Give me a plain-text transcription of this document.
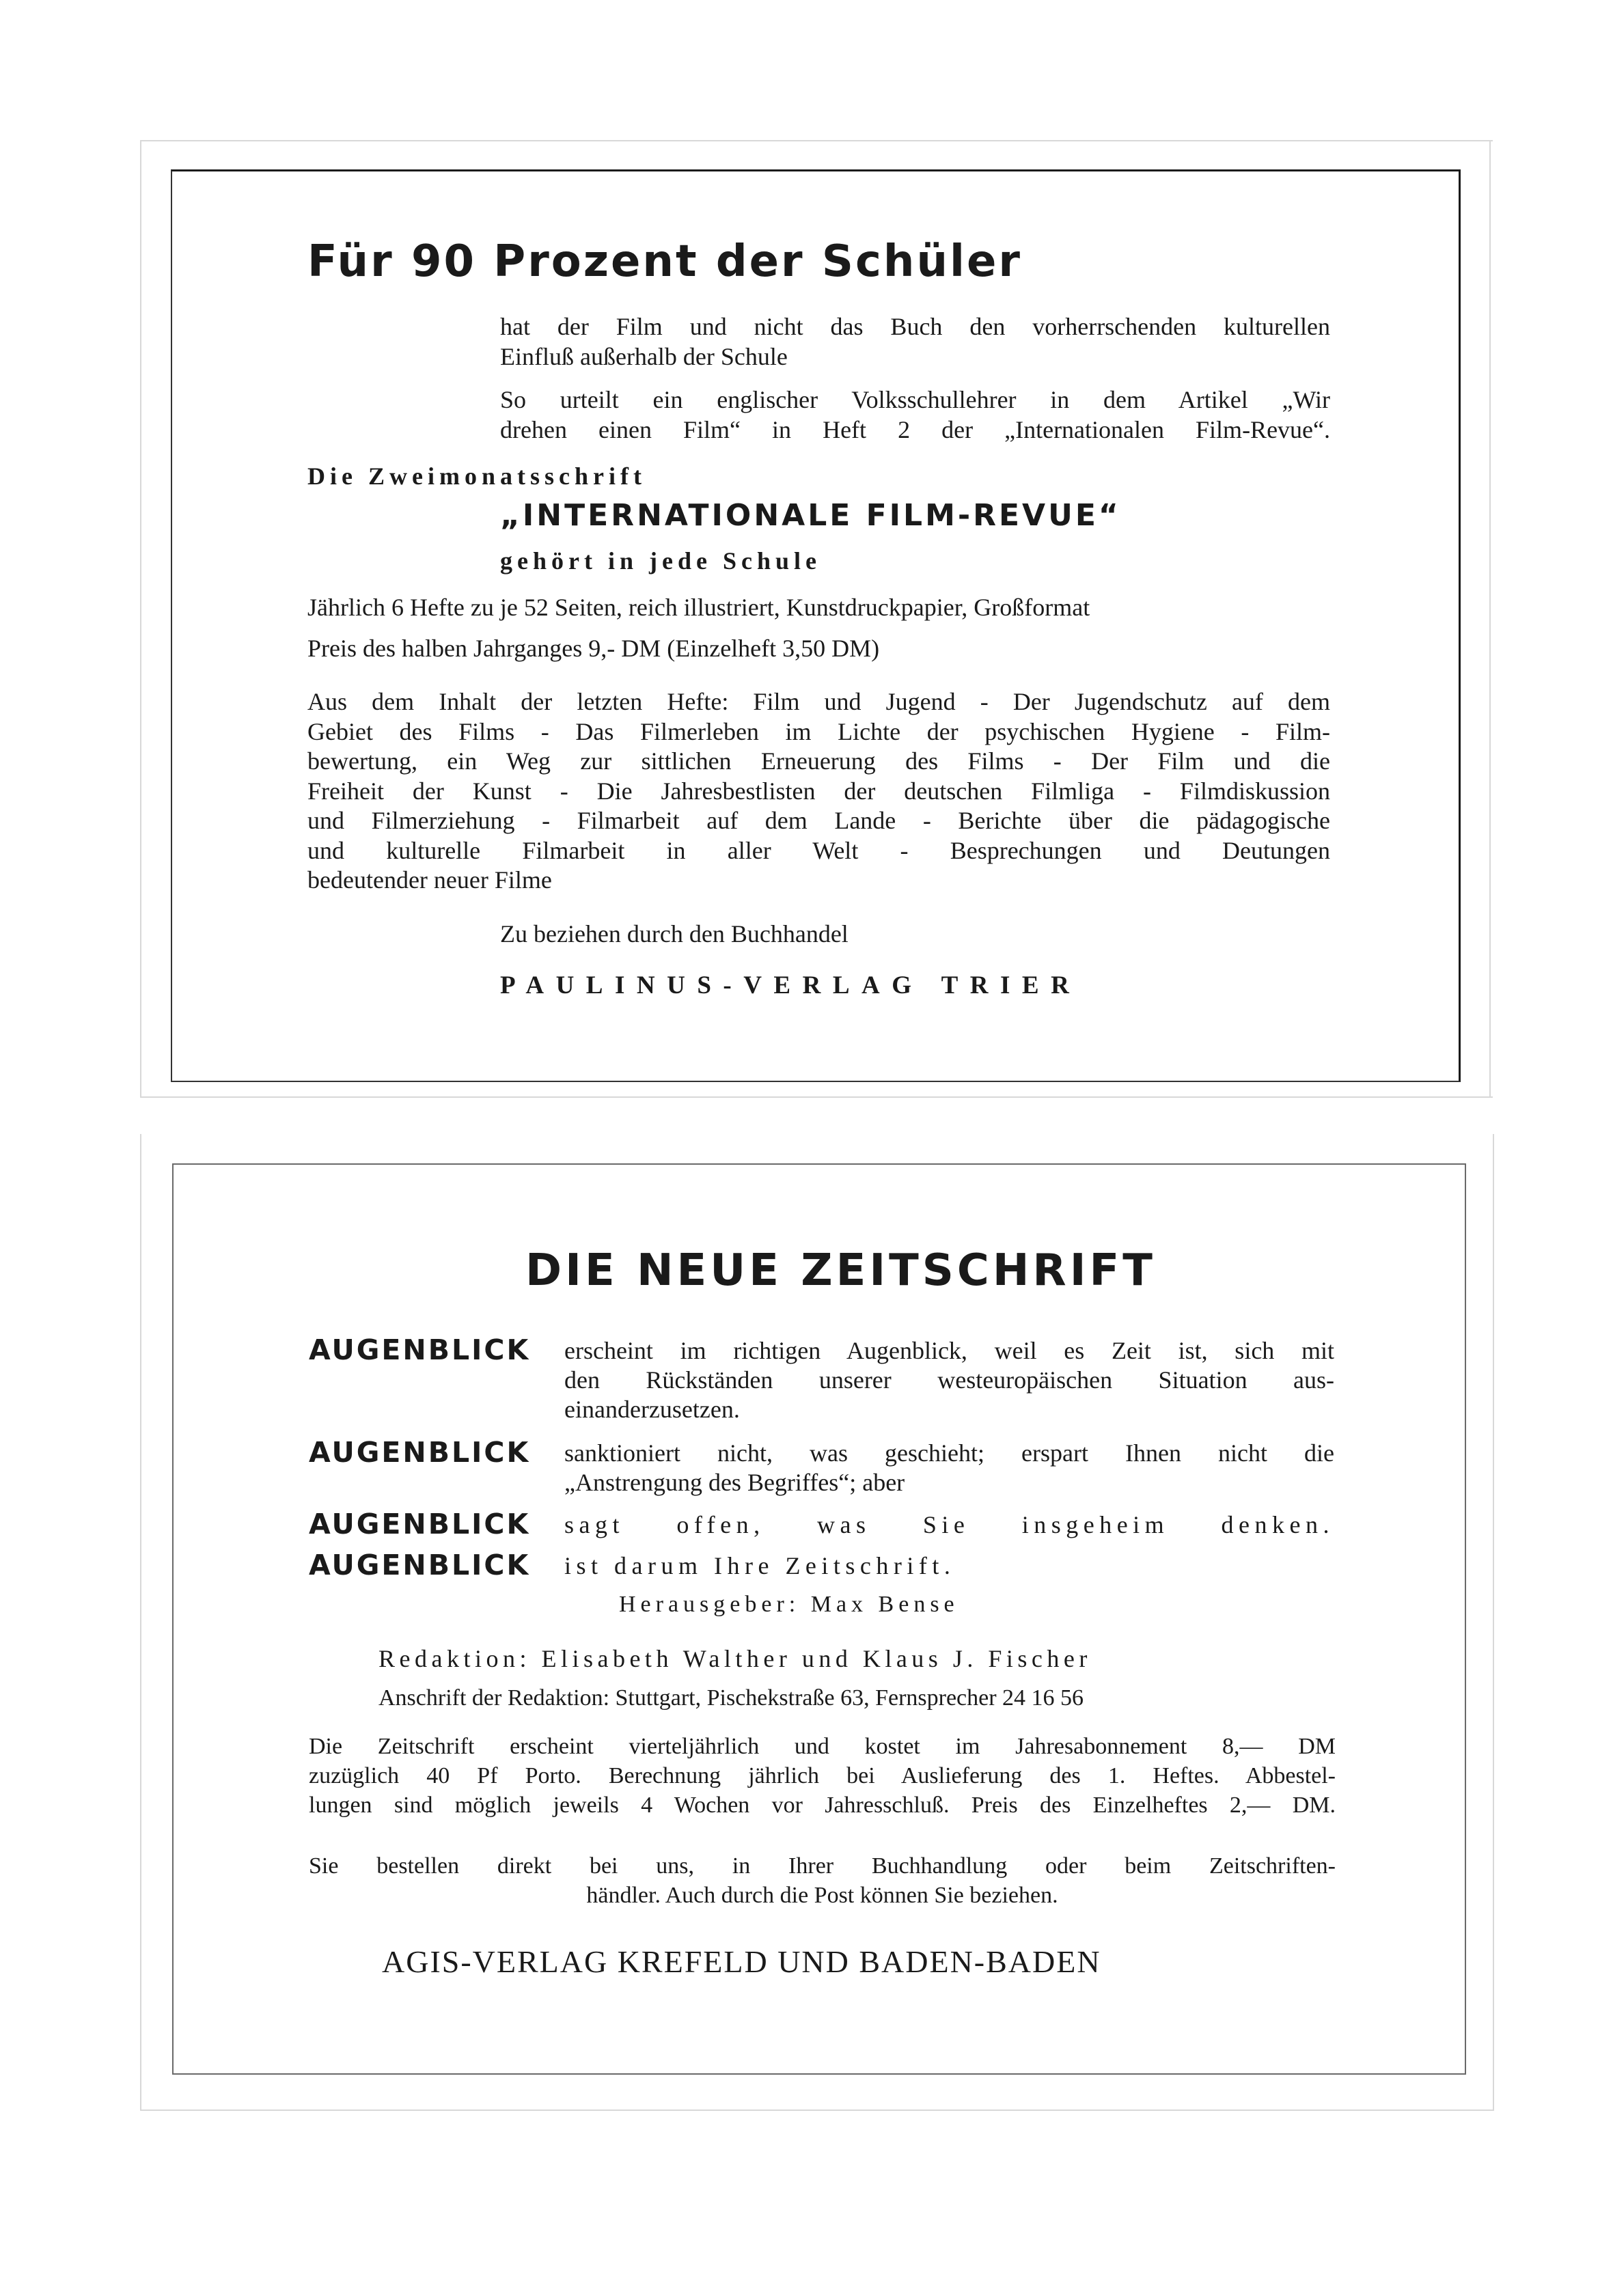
Für 90 Prozent der Schüler
hat der Film und nicht das Buch den vorherrschenden kulturellen
Einfluß außerhalb der Schule
So urteilt ein englischer Volksschullehrer in dem Artikel „Wir
drehen einen Film“ in Heft 2 der „Internationalen Film-Revue“.
Die Zweimonatsschrift
„INTERNATIONALE FILM-REVUE“
gehört in jede Schule
Jährlich 6 Hefte zu je 52 Seiten, reich illustriert, Kunstdruckpapier, Großformat
Preis des halben Jahrganges 9,- DM (Einzelheft 3,50 DM)
Aus dem Inhalt der letzten Hefte: Film und Jugend - Der Jugendschutz auf dem
Gebiet des Films - Das Filmerleben im Lichte der psychischen Hygiene - Film-
bewertung, ein Weg zur sittlichen Erneuerung des Films - Der Film und die
Freiheit der Kunst - Die Jahresbestlisten der deutschen Filmliga - Filmdiskussion
und Filmerziehung - Filmarbeit auf dem Lande - Berichte über die pädagogische
und kulturelle Filmarbeit in aller Welt - Besprechungen und Deutungen
bedeutender neuer Filme
Zu beziehen durch den Buchhandel
PAULINUS-VERLAG TRIER
DIE NEUE ZEITSCHRIFT
AUGENBLICK erscheint im richtigen Augenblick, weil es Zeit ist, sich mit
den Rückständen unserer westeuropäischen Situation aus-
einanderzusetzen.
AUGENBLICK sanktioniert nicht, was geschieht; erspart Ihnen nicht die
„Anstrengung des Begriffes“; aber
AUGENBLICK sagt offen, was Sie insgeheim denken.
AUGENBLICK ist darum Ihre Zeitschrift.
Herausgeber: Max Bense
Redaktion: Elisabeth Walther und Klaus J. Fischer
Anschrift der Redaktion: Stuttgart, Pischekstraße 63, Fernsprecher 24 16 56
Die Zeitschrift erscheint vierteljährlich und kostet im Jahresabonnement 8,— DM
zuzüglich 40 Pf Porto. Berechnung jährlich bei Auslieferung des 1. Heftes. Abbestel-
lungen sind möglich jeweils 4 Wochen vor Jahresschluß. Preis des Einzelheftes 2,— DM.
Sie bestellen direkt bei uns, in Ihrer Buchhandlung oder beim Zeitschriften-
händler. Auch durch die Post können Sie beziehen.
AGIS-VERLAG KREFELD UND BADEN-BADEN
